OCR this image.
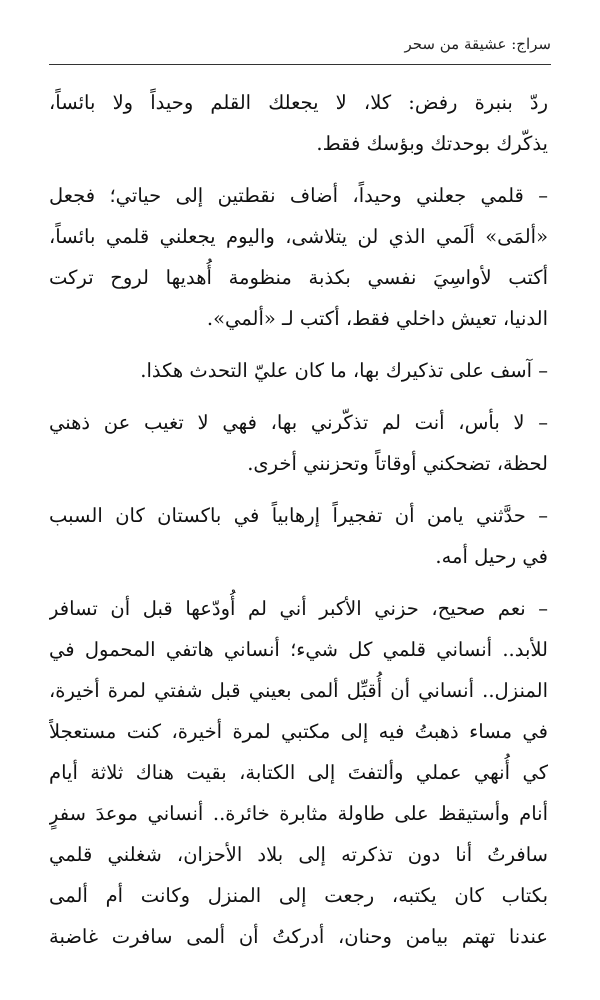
سراج: عشيقة من سحر
ردّ بنبرة رفض: كلا، لا يجعلك القلم وحيداً ولا بائساً،
يذكّرك بوحدتك وبؤسك فقط.
– قلمي جعلني وحيداً، أضاف نقطتين إلى حياتي؛ فجعل
«ألمَى» ألَمي الذي لن يتلاشى، واليوم يجعلني قلمي بائساً،
أكتب لأواسِيَ نفسي بكذبة منظومة أُهديها لروح تركت
الدنيا، تعيش داخلي فقط، أكتب لـ «ألمي».
– آسف على تذكيرك بها، ما كان عليّ التحدث هكذا.
– لا بأس، أنت لم تذكّرني بها، فهي لا تغيب عن ذهني
لحظة، تضحكني أوقاتاً وتحزنني أخرى.
– حدَّثني يامن أن تفجيراً إرهابياً في باكستان كان السبب
في رحيل أمه.
– نعم صحيح، حزني الأكبر أني لم أُودّعها قبل أن تسافر
للأبد.. أنساني قلمي كل شيء؛ أنساني هاتفي المحمول في
المنزل.. أنساني أن أُقبِّل ألمى بعيني قبل شفتي لمرة أخيرة،
في مساء ذهبتُ فيه إلى مكتبي لمرة أخيرة، كنت مستعجلاً
كي أُنهي عملي وألتفتَ إلى الكتابة، بقيت هناك ثلاثة أيام
أنام وأستيقظ على طاولة مثابرة خائرة.. أنساني موعدَ سفرٍ
سافرتُ أنا دون تذكرته إلى بلاد الأحزان، شغلني قلمي
بكتاب كان يكتبه، رجعت إلى المنزل وكانت أم ألمى
عندنا تهتم بيامن وحنان، أدركتُ أن ألمى سافرت غاضبة
